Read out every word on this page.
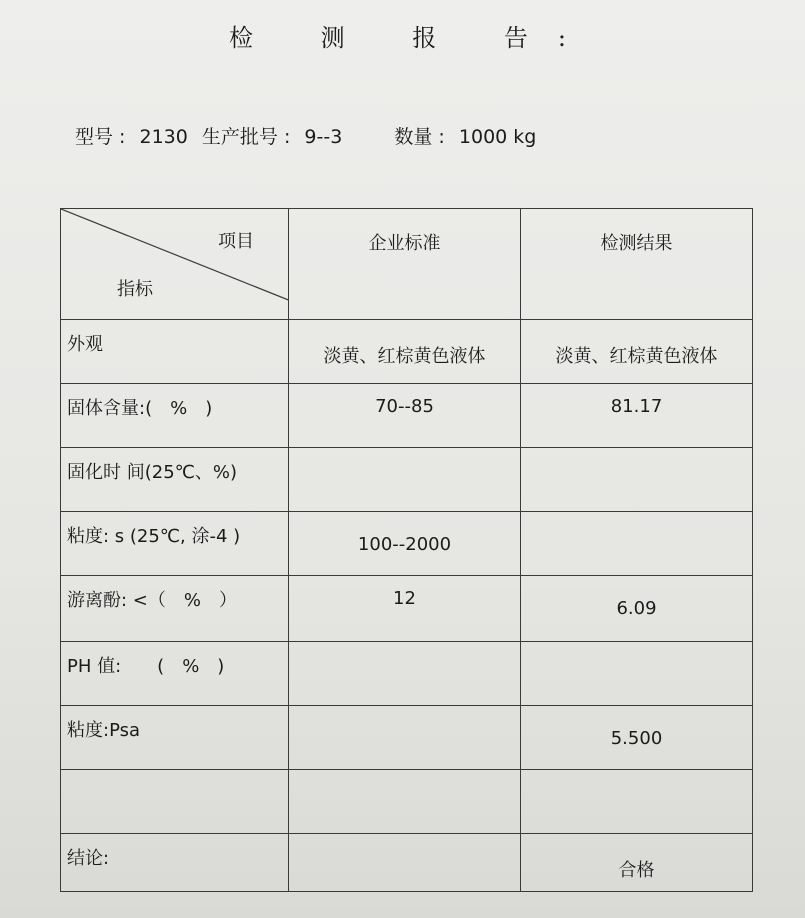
检 测 报 告:
型号 : 2130 生产批号 : 9--3	数量 : 1000 kg
项目
指标	企业标准	检测结果

外观	淡黄、红棕黄色液体	淡黄、红棕黄色液体

固体含量:(　%　)	70--85	81.17

固化时 间(25℃、%)		

粘度: s (25℃, 涂-4 )	100--2000	

游离酚: <（　%　）	12	6.09

PH 值:　　(　%　)		

粘度:Psa		5.500

结论:		合格
